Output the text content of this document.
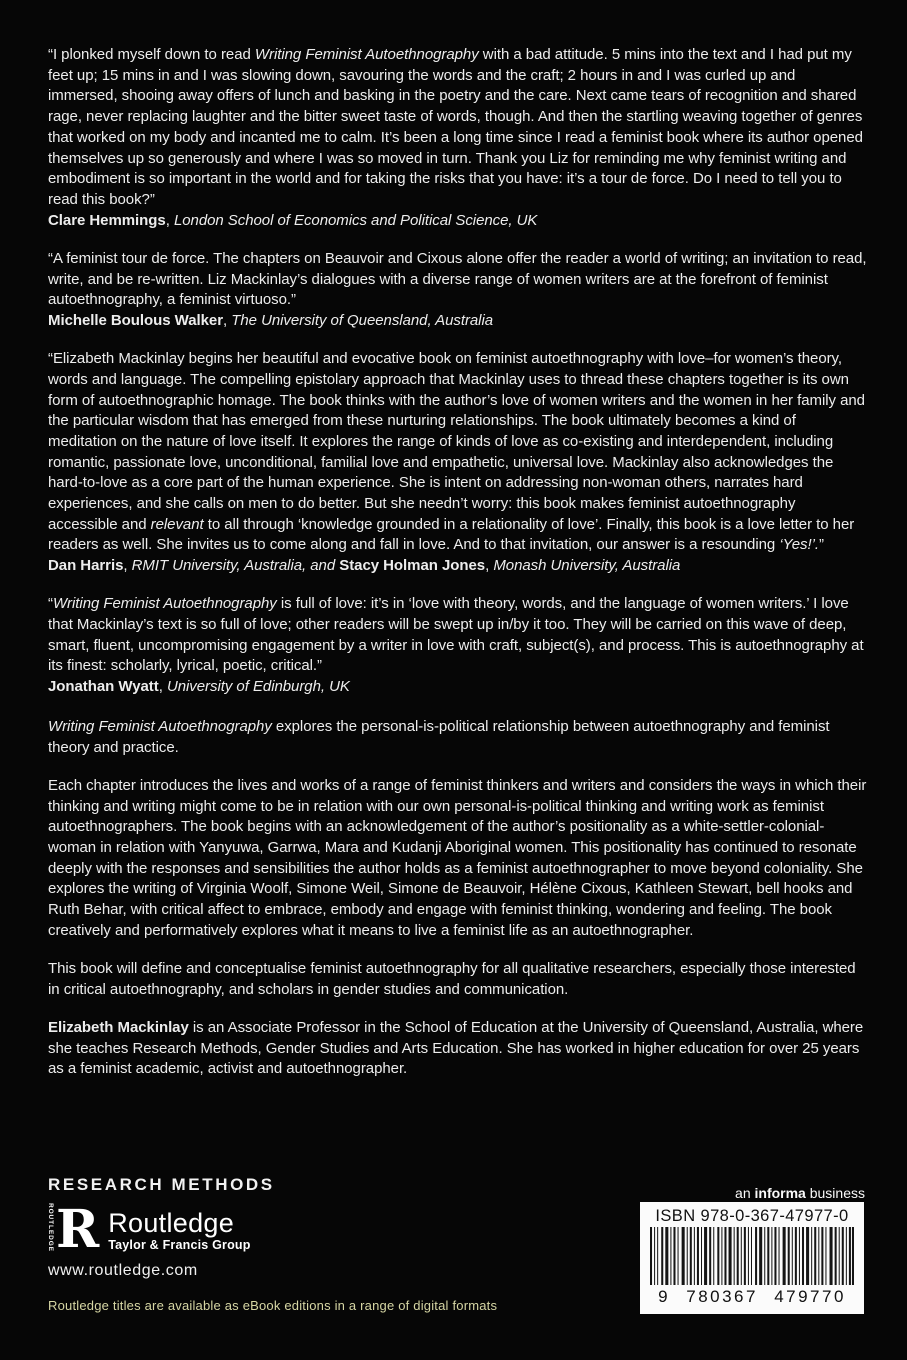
“I plonked myself down to read Writing Feminist Autoethnography with a bad attitude. 5 mins into the text and I had put my feet up; 15 mins in and I was slowing down, savouring the words and the craft; 2 hours in and I was curled up and immersed, shooing away offers of lunch and basking in the poetry and the care. Next came tears of recognition and shared rage, never replacing laughter and the bitter sweet taste of words, though. And then the startling weaving together of genres that worked on my body and incanted me to calm. It’s been a long time since I read a feminist book where its author opened themselves up so generously and where I was so moved in turn. Thank you Liz for reminding me why feminist writing and embodiment is so important in the world and for taking the risks that you have: it’s a tour de force. Do I need to tell you to read this book?”
Clare Hemmings, London School of Economics and Political Science, UK
“A feminist tour de force. The chapters on Beauvoir and Cixous alone offer the reader a world of writing; an invitation to read, write, and be re-written. Liz Mackinlay’s dialogues with a diverse range of women writers are at the forefront of feminist autoethnography, a feminist virtuoso.”
Michelle Boulous Walker, The University of Queensland, Australia
“Elizabeth Mackinlay begins her beautiful and evocative book on feminist autoethnography with love–for women’s theory, words and language. The compelling epistolary approach that Mackinlay uses to thread these chapters together is its own form of autoethnographic homage. The book thinks with the author’s love of women writers and the women in her family and the particular wisdom that has emerged from these nurturing relationships. The book ultimately becomes a kind of meditation on the nature of love itself. It explores the range of kinds of love as co-existing and interdependent, including romantic, passionate love, unconditional, familial love and empathetic, universal love. Mackinlay also acknowledges the hard-to-love as a core part of the human experience. She is intent on addressing non-woman others, narrates hard experiences, and she calls on men to do better. But she needn’t worry: this book makes feminist autoethnography accessible and relevant to all through ‘knowledge grounded in a relationality of love’. Finally, this book is a love letter to her readers as well. She invites us to come along and fall in love. And to that invitation, our answer is a resounding ‘Yes!’.”
Dan Harris, RMIT University, Australia, and Stacy Holman Jones, Monash University, Australia
“Writing Feminist Autoethnography is full of love: it’s in ‘love with theory, words, and the language of women writers.’ I love that Mackinlay’s text is so full of love; other readers will be swept up in/by it too. They will be carried on this wave of deep, smart, fluent, uncompromising engagement by a writer in love with craft, subject(s), and process. This is autoethnography at its finest: scholarly, lyrical, poetic, critical.”
Jonathan Wyatt, University of Edinburgh, UK
Writing Feminist Autoethnography explores the personal-is-political relationship between autoethnography and feminist theory and practice.
Each chapter introduces the lives and works of a range of feminist thinkers and writers and considers the ways in which their thinking and writing might come to be in relation with our own personal-is-political thinking and writing work as feminist autoethnographers. The book begins with an acknowledgement of the author’s positionality as a white-settler-colonial-woman in relation with Yanyuwa, Garrwa, Mara and Kudanji Aboriginal women. This positionality has continued to resonate deeply with the responses and sensibilities the author holds as a feminist autoethnographer to move beyond coloniality. She explores the writing of Virginia Woolf, Simone Weil, Simone de Beauvoir, Hélène Cixous, Kathleen Stewart, bell hooks and Ruth Behar, with critical affect to embrace, embody and engage with feminist thinking, wondering and feeling. The book creatively and performatively explores what it means to live a feminist life as an autoethnographer.
This book will define and conceptualise feminist autoethnography for all qualitative researchers, especially those interested in critical autoethnography, and scholars in gender studies and communication.
Elizabeth Mackinlay is an Associate Professor in the School of Education at the University of Queensland, Australia, where she teaches Research Methods, Gender Studies and Arts Education. She has worked in higher education for over 25 years as a feminist academic, activist and autoethnographer.
RESEARCH METHODS
ROUTLEDGE R Routledge
Taylor & Francis Group
www.routledge.com
Routledge titles are available as eBook editions in a range of digital formats
an informa business
ISBN 978-0-367-47977-0
9 780367 479770
